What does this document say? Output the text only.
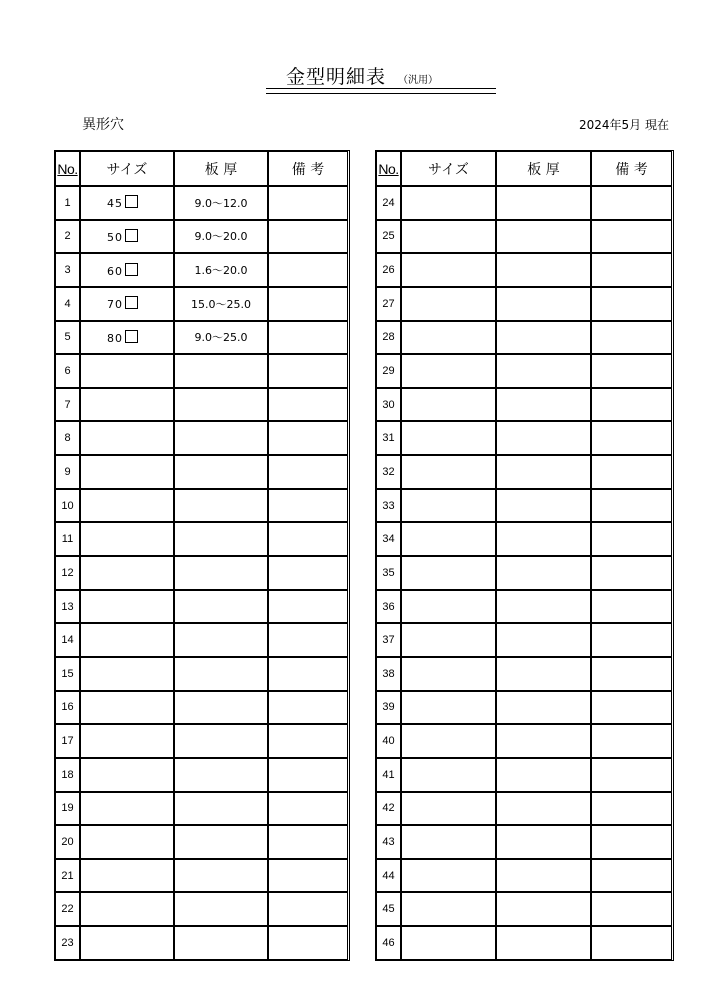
金型明細表 （汎用）
異形穴	2024年5月 現在
No.	サイズ	板 厚	備 考
1	45	9.0〜12.0	
2	50	9.0〜20.0	
3	60	1.6〜20.0	
4	70	15.0〜25.0	
5	80	9.0〜25.0	
6			
7			
8			
9			
10			
11			
12			
13			
14			
15			
16			
17			
18			
19			
20			
21			
22			
23			
No.	サイズ	板 厚	備 考
24			
25			
26			
27			
28			
29			
30			
31			
32			
33			
34			
35			
36			
37			
38			
39			
40			
41			
42			
43			
44			
45			
46			
